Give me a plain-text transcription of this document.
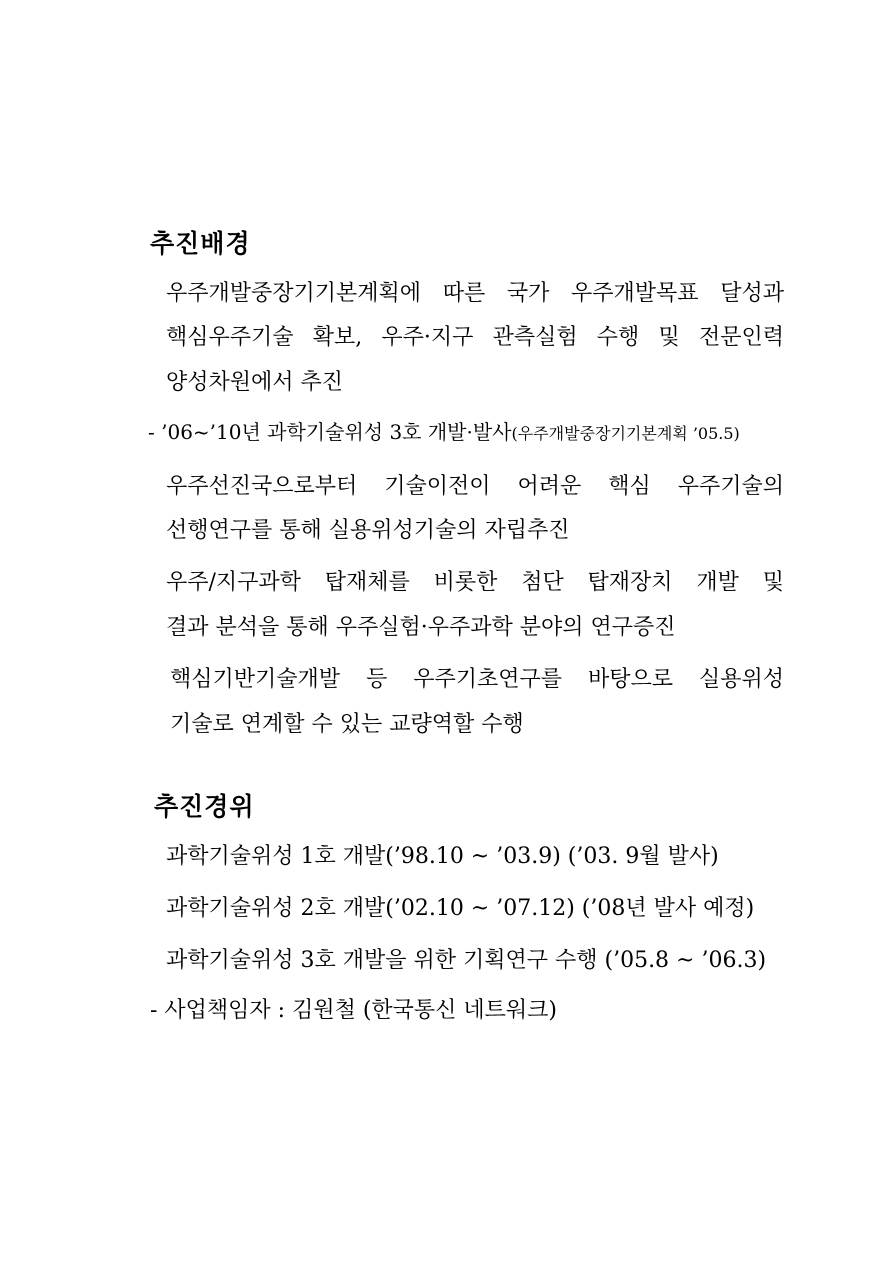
추진배경
우주개발중장기기본계획에 따른 국가 우주개발목표 달성과
핵심우주기술 확보, 우주·지구 관측실험 수행 및 전문인력
양성차원에서 추진
- ’06~’10년 과학기술위성 3호 개발·발사(우주개발중장기기본계획 ’05.5)
우주선진국으로부터 기술이전이 어려운 핵심 우주기술의
선행연구를 통해 실용위성기술의 자립추진
우주/지구과학 탑재체를 비롯한 첨단 탑재장치 개발 및
결과 분석을 통해 우주실험·우주과학 분야의 연구증진
핵심기반기술개발 등 우주기초연구를 바탕으로 실용위성
기술로 연계할 수 있는 교량역할 수행
추진경위
과학기술위성 1호 개발(’98.10 ~ ’03.9) (’03. 9월 발사)
과학기술위성 2호 개발(’02.10 ~ ’07.12) (’08년 발사 예정)
과학기술위성 3호 개발을 위한 기획연구 수행 (’05.8 ~ ’06.3)
- 사업책임자 : 김원철 (한국통신 네트워크)
